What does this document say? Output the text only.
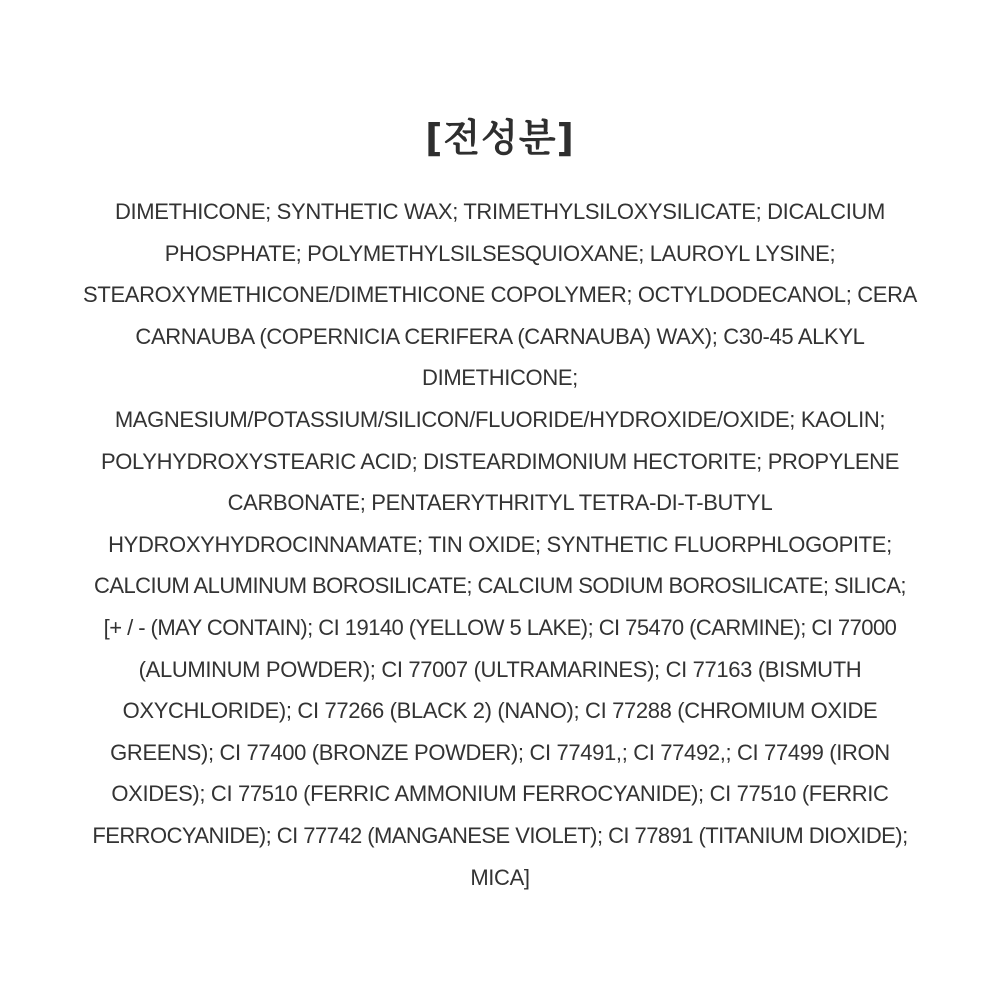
[전성분]
DIMETHICONE; SYNTHETIC WAX; TRIMETHYLSILOXYSILICATE; DICALCIUM
PHOSPHATE; POLYMETHYLSILSESQUIOXANE; LAUROYL LYSINE;
STEAROXYMETHICONE/DIMETHICONE COPOLYMER; OCTYLDODECANOL; CERA
CARNAUBA (COPERNICIA CERIFERA (CARNAUBA) WAX); C30-45 ALKYL
DIMETHICONE;
MAGNESIUM/POTASSIUM/SILICON/FLUORIDE/HYDROXIDE/OXIDE; KAOLIN;
POLYHYDROXYSTEARIC ACID; DISTEARDIMONIUM HECTORITE; PROPYLENE
CARBONATE; PENTAERYTHRITYL TETRA-DI-T-BUTYL
HYDROXYHYDROCINNAMATE; TIN OXIDE; SYNTHETIC FLUORPHLOGOPITE;
CALCIUM ALUMINUM BOROSILICATE; CALCIUM SODIUM BOROSILICATE; SILICA;
[+ / - (MAY CONTAIN); CI 19140 (YELLOW 5 LAKE); CI 75470 (CARMINE); CI 77000
(ALUMINUM POWDER); CI 77007 (ULTRAMARINES); CI 77163 (BISMUTH
OXYCHLORIDE); CI 77266 (BLACK 2) (NANO); CI 77288 (CHROMIUM OXIDE
GREENS); CI 77400 (BRONZE POWDER); CI 77491,; CI 77492,; CI 77499 (IRON
OXIDES); CI 77510 (FERRIC AMMONIUM FERROCYANIDE); CI 77510 (FERRIC
FERROCYANIDE); CI 77742 (MANGANESE VIOLET); CI 77891 (TITANIUM DIOXIDE);
MICA]
